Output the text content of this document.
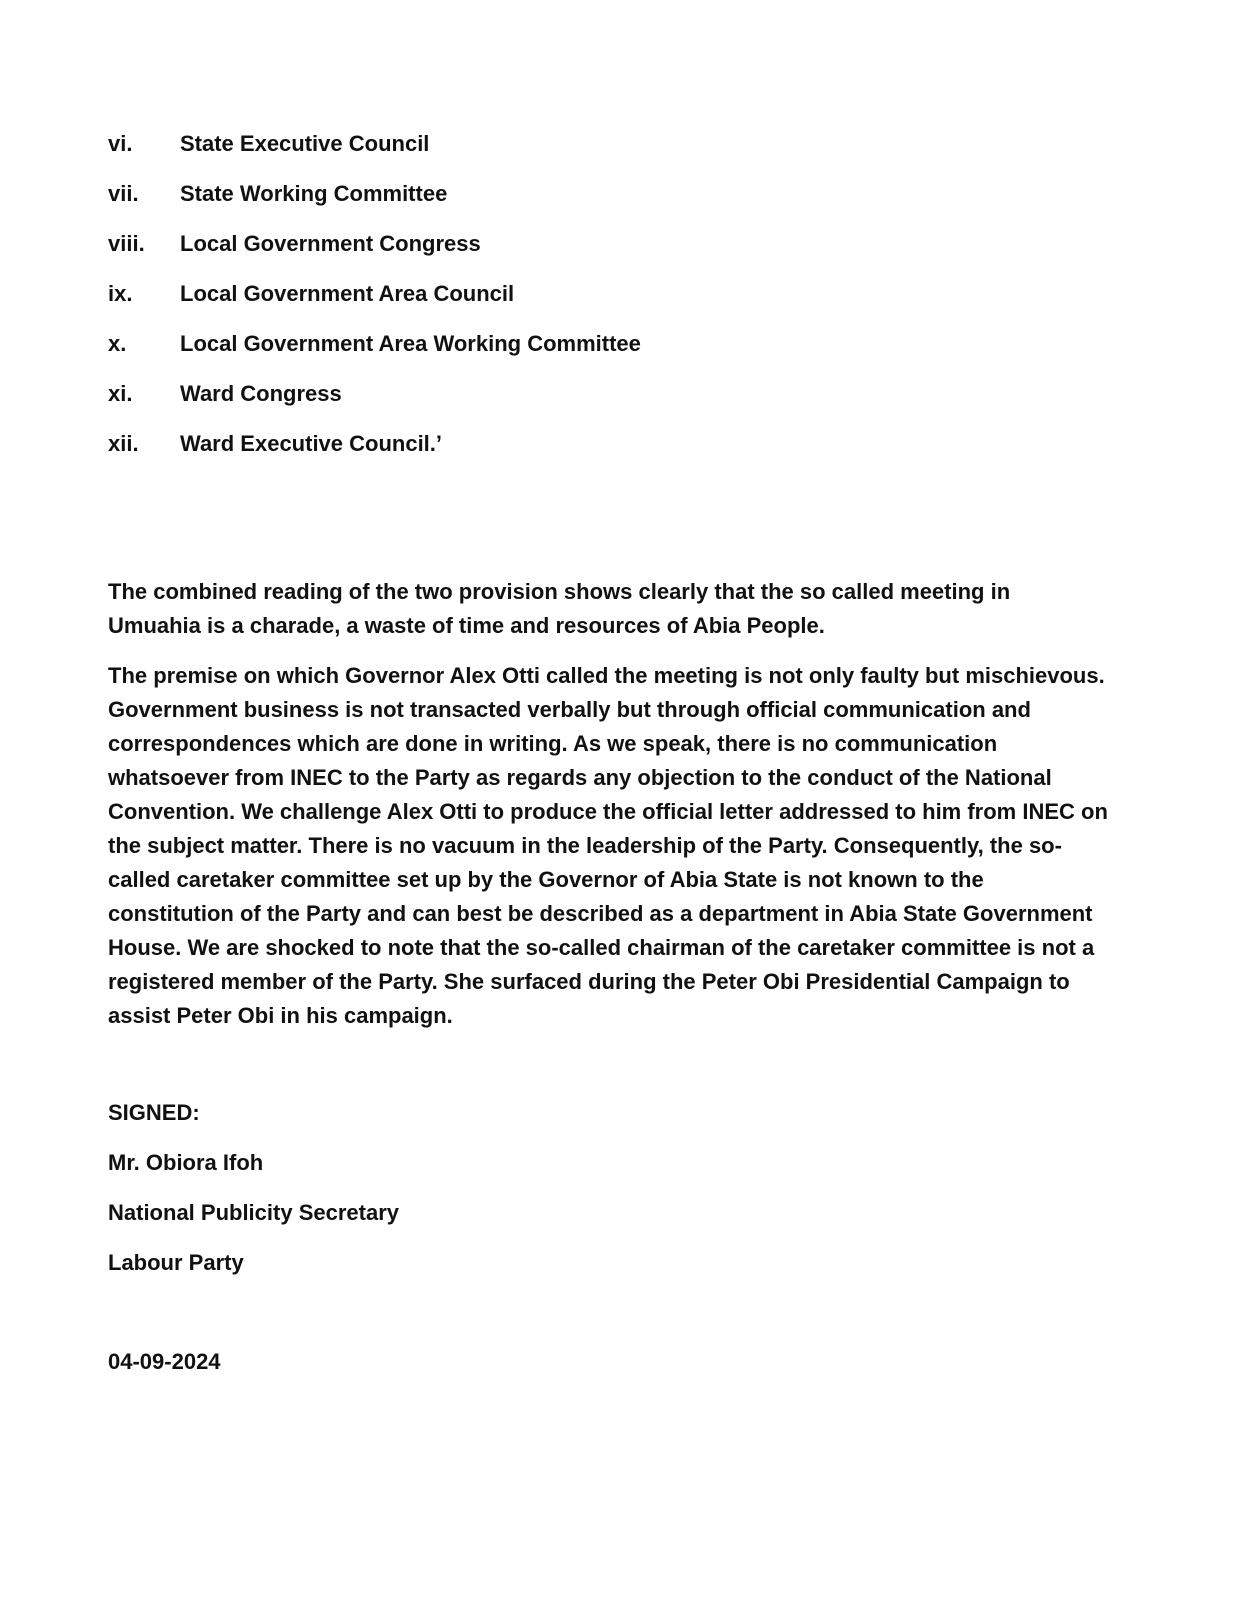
vi.	State Executive Council
vii.	State Working Committee
viii.	Local Government Congress
ix.	Local Government Area Council
x.	Local Government Area Working Committee
xi.	Ward Congress
xii.	Ward Executive Council.’

The combined reading of the two provision shows clearly that the so called meeting in Umuahia is a charade, a waste of time and resources of Abia People.

The premise on which Governor Alex Otti called the meeting is not only faulty but mischievous. Government business is not transacted verbally but through official communication and correspondences which are done in writing. As we speak, there is no communication whatsoever from INEC to the Party as regards any objection to the conduct of the National Convention. We challenge Alex Otti to produce the official letter addressed to him from INEC on the subject matter. There is no vacuum in the leadership of the Party. Consequently, the so-called caretaker committee set up by the Governor of Abia State is not known to the constitution of the Party and can best be described as a department in Abia State Government House. We are shocked to note that the so-called chairman of the caretaker committee is not a registered member of the Party. She surfaced during the Peter Obi Presidential Campaign to assist Peter Obi in his campaign.

SIGNED:
Mr. Obiora Ifoh
National Publicity Secretary
Labour Party
04-09-2024
